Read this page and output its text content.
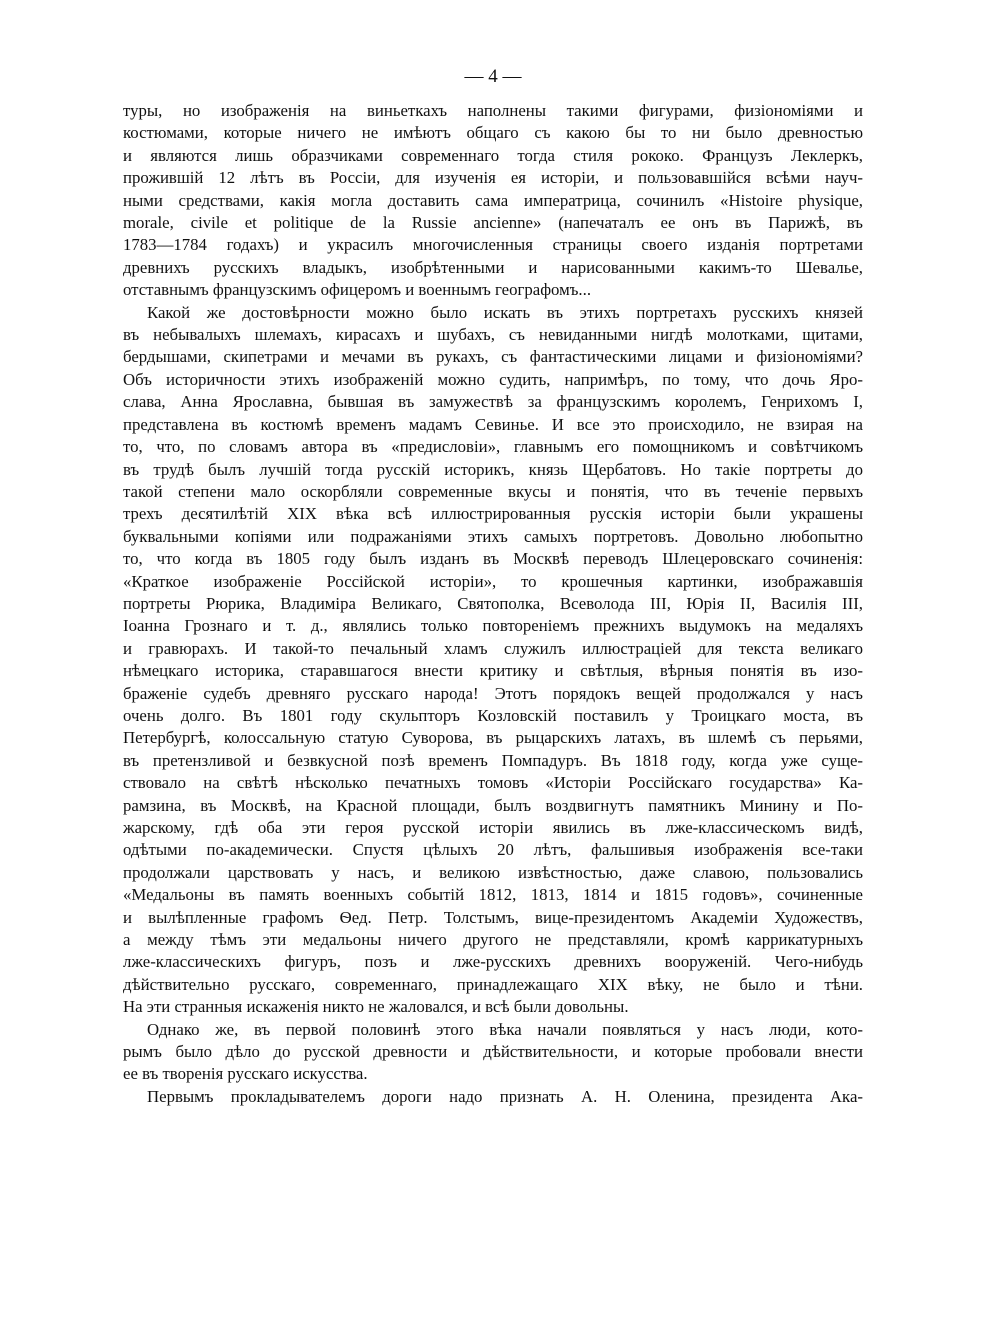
— 4 —

туры, но изображенія на виньеткахъ наполнены такими фигурами, физіономіями и
костюмами, которые ничего не имѣютъ общаго съ какою бы то ни было древностью
и являются лишь образчиками современнаго тогда стиля рококо. Французъ Леклеркъ,
прожившій 12 лѣтъ въ Россіи, для изученія ея исторіи, и пользовавшійся всѣми науч-
ными средствами, какія могла доставить сама императрица, сочинилъ «Histoire physique,
morale, civile et politique de la Russie ancienne» (напечаталъ ее онъ въ Парижѣ, въ
1783—1784 годахъ) и украсилъ многочисленныя страницы своего изданія портретами
древнихъ русскихъ владыкъ, изобрѣтенными и нарисованными какимъ-то Шевалье,
отставнымъ французскимъ офицеромъ и военнымъ географомъ...

Какой же достовѣрности можно было искать въ этихъ портретахъ русскихъ князей
въ небывалыхъ шлемахъ, кирасахъ и шубахъ, съ невиданными нигдѣ молотками, щитами,
бердышами, скипетрами и мечами въ рукахъ, съ фантастическими лицами и физіономіями?
Объ историчности этихъ изображеній можно судить, напримѣръ, по тому, что дочь Яро-
слава, Анна Ярославна, бывшая въ замужествѣ за французскимъ королемъ, Генрихомъ I,
представлена въ костюмѣ временъ мадамъ Севинье. И все это происходило, не взирая на
то, что, по словамъ автора въ «предисловіи», главнымъ его помощникомъ и совѣтчикомъ
въ трудѣ былъ лучшій тогда русскій историкъ, князь Щербатовъ. Но такіе портреты до
такой степени мало оскорбляли современные вкусы и понятія, что въ теченіе первыхъ
трехъ десятилѣтій XIX вѣка всѣ иллюстрированныя русскія исторіи были украшены
буквальными копіями или подражаніями этихъ самыхъ портретовъ. Довольно любопытно
то, что когда въ 1805 году былъ изданъ въ Москвѣ переводъ Шлецеровскаго сочиненія:
«Краткое изображеніе Россійской исторіи», то крошечныя картинки, изображавшія
портреты Рюрика, Владиміра Великаго, Святополка, Всеволода III, Юрія II, Василія III,
Іоанна Грознаго и т. д., являлись только повтореніемъ прежнихъ выдумокъ на медаляхъ
и гравюрахъ. И такой-то печальный хламъ служилъ иллюстраціей для текста великаго
нѣмецкаго историка, старавшагося внести критику и свѣтлыя, вѣрныя понятія въ изо-
браженіе судебъ древняго русскаго народа! Этотъ порядокъ вещей продолжался у насъ
очень долго. Въ 1801 году скульпторъ Козловскій поставилъ у Троицкаго моста, въ
Петербургѣ, колоссальную статую Суворова, въ рыцарскихъ латахъ, въ шлемѣ съ перьями,
въ претензливой и безвкусной позѣ временъ Помпадуръ. Въ 1818 году, когда уже суще-
ствовало на свѣтѣ нѣсколько печатныхъ томовъ «Исторіи Россійскаго государства» Ка-
рамзина, въ Москвѣ, на Красной площади, былъ воздвигнутъ памятникъ Минину и По-
жарскому, гдѣ оба эти героя русской исторіи явились въ лже-классическомъ видѣ,
одѣтыми по-академически. Спустя цѣлыхъ 20 лѣтъ, фальшивыя изображенія все-таки
продолжали царствовать у насъ, и великою извѣстностью, даже славою, пользовались
«Медальоны въ память военныхъ событій 1812, 1813, 1814 и 1815 годовъ», сочиненные
и вылѣпленные графомъ Ѳед. Петр. Толстымъ, вице-президентомъ Академіи Художествъ,
а между тѣмъ эти медальоны ничего другого не представляли, кромѣ каррикатурныхъ
лже-классическихъ фигуръ, позъ и лже-русскихъ древнихъ вооруженій. Чего-нибудь
дѣйствительно русскаго, современнаго, принадлежащаго XIX вѣку, не было и тѣни.
На эти странныя искаженія никто не жаловался, и всѣ были довольны.

Однако же, въ первой половинѣ этого вѣка начали появляться у насъ люди, кото-
рымъ было дѣло до русской древности и дѣйствительности, и которые пробовали внести
ее въ творенія русскаго искусства.

Первымъ прокладывателемъ дороги надо признать А. Н. Оленина, президента Ака-
